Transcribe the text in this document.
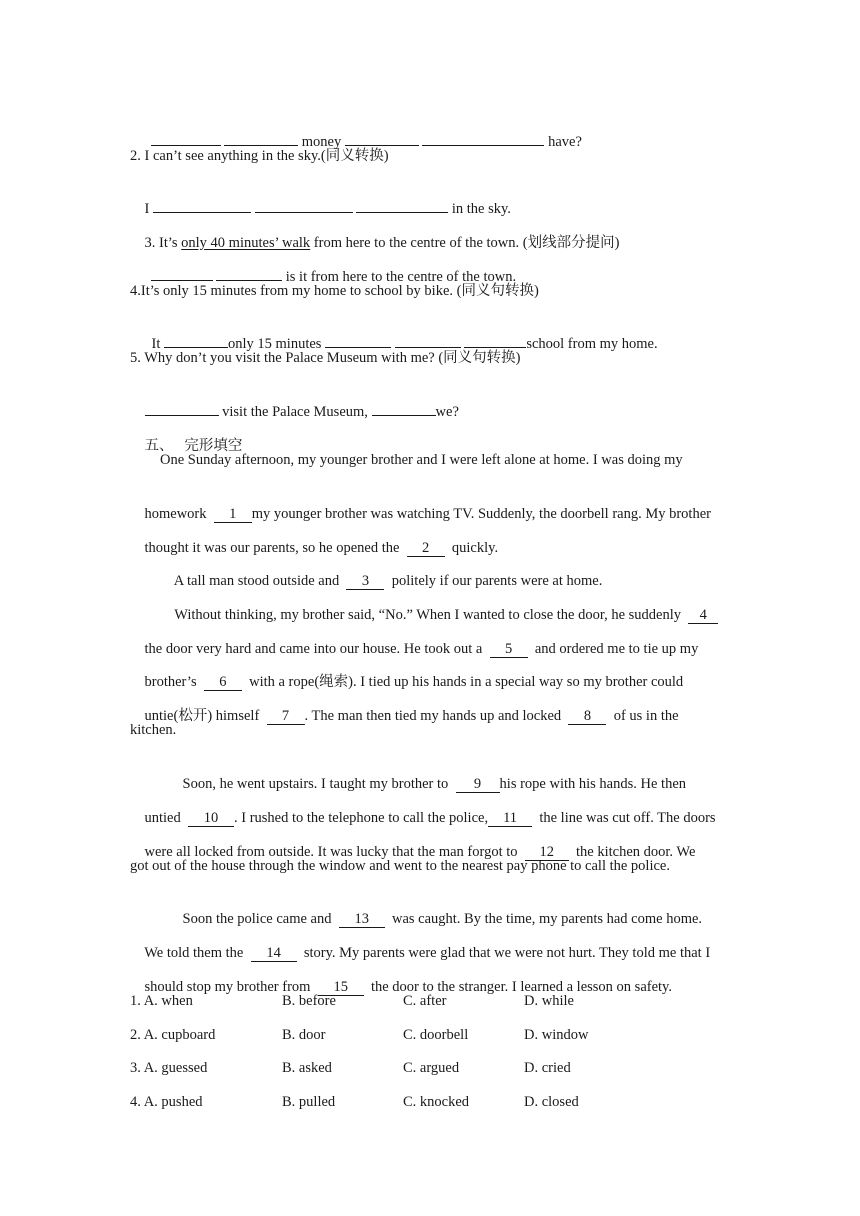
money	have?

2. I can’t see anything in the sky.(同义转换)

I	in the sky.

3. It’s only 40 minutes’ walk from here to the centre of the town. (划线部分提问)

is it from here to the centre of the town.

4.It’s only 15 minutes from my home to school by bike. (同义句转换)

It	only 15 minutes	school from my home.

5. Why don’t you visit the Palace Museum with me? (同义句转换)

visit the Palace Museum,	we?

五、 完形填空

One Sunday afternoon, my younger brother and I were left alone at home. I was doing my

homework 1 my younger brother was watching TV. Suddenly, the doorbell rang. My brother

thought it was our parents, so he opened the 2 quickly.

A tall man stood outside and 3 politely if our parents were at home.

Without thinking, my brother said, “No.” When I wanted to close the door, he suddenly 4

the door very hard and came into our house. He took out a 5 and ordered me to tie up my

brother’s 6 with a rope(绳索). I tied up his hands in a special way so my brother could

untie(松开) himself 7 . The man then tied my hands up and locked 8 of us in the

kitchen.

Soon, he went upstairs. I taught my brother to 9 his rope with his hands. He then

untied 10 . I rushed to the telephone to call the police, 11 the line was cut off. The doors

were all locked from outside. It was lucky that the man forgot to 12 the kitchen door. We

got out of the house through the window and went to the nearest pay phone to call the police.

Soon the police came and 13 was caught. By the time, my parents had come home.

We told them the 14 story. My parents were glad that we were not hurt. They told me that I

should stop my brother from 15 the door to the stranger. I learned a lesson on safety.

1. A. when	B. before	C. after	D. while
2. A. cupboard	B. door	C. doorbell	D. window
3. A. guessed	B. asked	C. argued	D. cried
4. A. pushed	B. pulled	C. knocked	D. closed
